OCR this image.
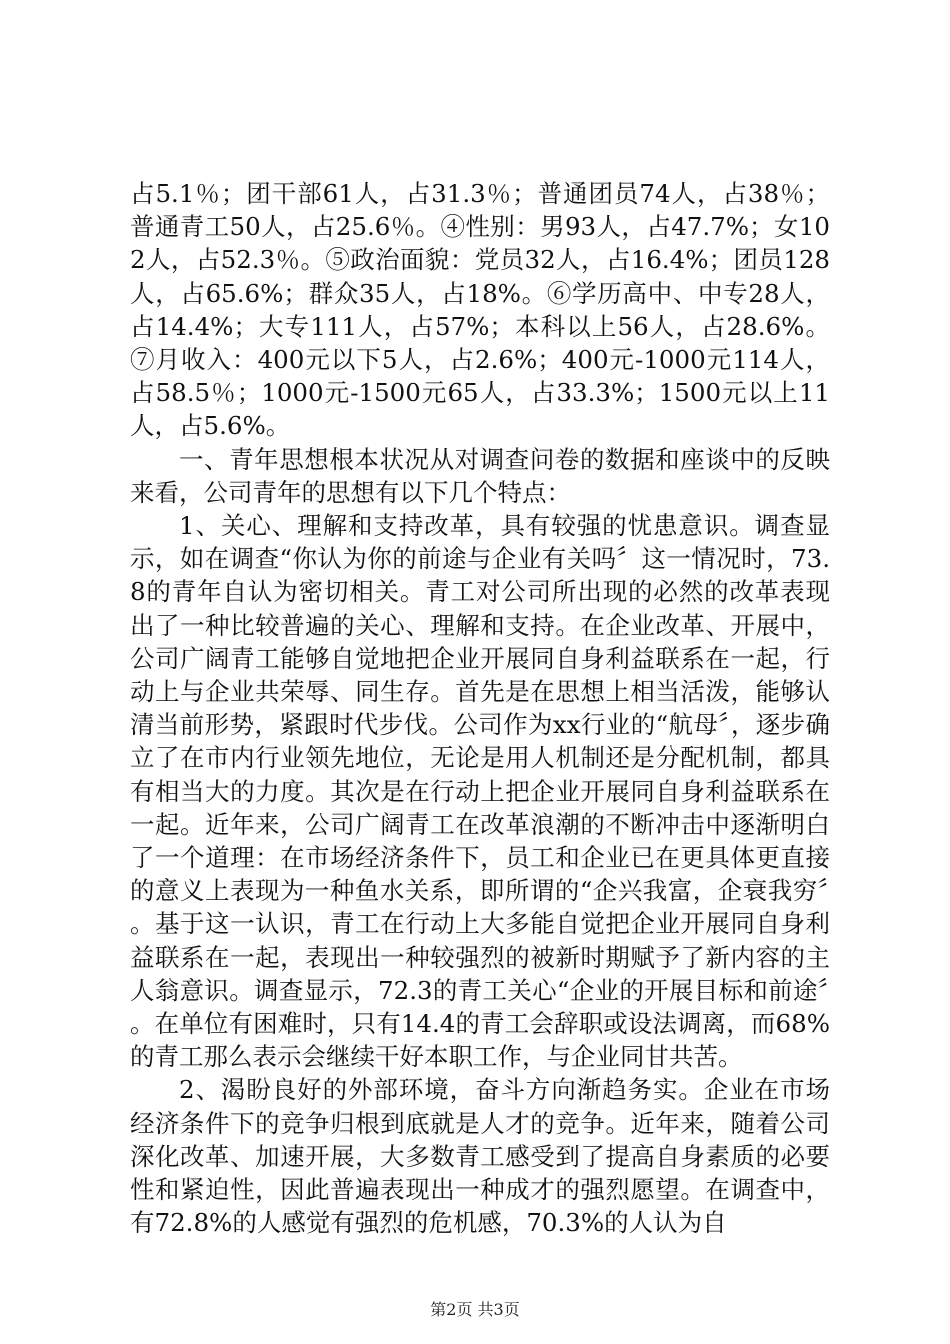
占5.1％；团干部61人，占31.3％；普通团员74人，占38％；普通青工50人，占25.6％。④性别：男93人，占47.7%；女102人，占52.3％。⑤政治面貌：党员32人，占16.4%；团员128人，占65.6%；群众35人，占18%。⑥学历高中、中专28人，占14.4%；大专111人，占57%；本科以上56人，占28.6%。⑦月收入：400元以下5人，占2.6%；400元-1000元114人，占58.5％；1000元-1500元65人，占33.3%；1500元以上11人，占5.6%。

一、青年思想根本状况从对调查问卷的数据和座谈中的反映来看，公司青年的思想有以下几个特点：

1、关心、理解和支持改革，具有较强的忧患意识。调查显示，如在调查“你认为你的前途与企业有关吗〞这一情况时，73.8的青年自认为密切相关。青工对公司所出现的必然的改革表现出了一种比较普遍的关心、理解和支持。在企业改革、开展中，公司广阔青工能够自觉地把企业开展同自身利益联系在一起，行动上与企业共荣辱、同生存。首先是在思想上相当活泼，能够认清当前形势，紧跟时代步伐。公司作为xx行业的“航母〞，逐步确立了在市内行业领先地位，无论是用人机制还是分配机制，都具有相当大的力度。其次是在行动上把企业开展同自身利益联系在一起。近年来，公司广阔青工在改革浪潮的不断冲击中逐渐明白了一个道理：在市场经济条件下，员工和企业已在更具体更直接的意义上表现为一种鱼水关系，即所谓的“企兴我富，企衰我穷〞。基于这一认识，青工在行动上大多能自觉把企业开展同自身利益联系在一起，表现出一种较强烈的被新时期赋予了新内容的主人翁意识。调查显示，72.3的青工关心“企业的开展目标和前途〞。在单位有困难时，只有14.4的青工会辞职或设法调离，而68%的青工那么表示会继续干好本职工作，与企业同甘共苦。

2、渴盼良好的外部环境，奋斗方向渐趋务实。企业在市场经济条件下的竞争归根到底就是人才的竞争。近年来，随着公司深化改革、加速开展，大多数青工感受到了提高自身素质的必要性和紧迫性，因此普遍表现出一种成才的强烈愿望。在调查中，有72.8%的人感觉有强烈的危机感，70.3%的人认为自

第2页 共3页
